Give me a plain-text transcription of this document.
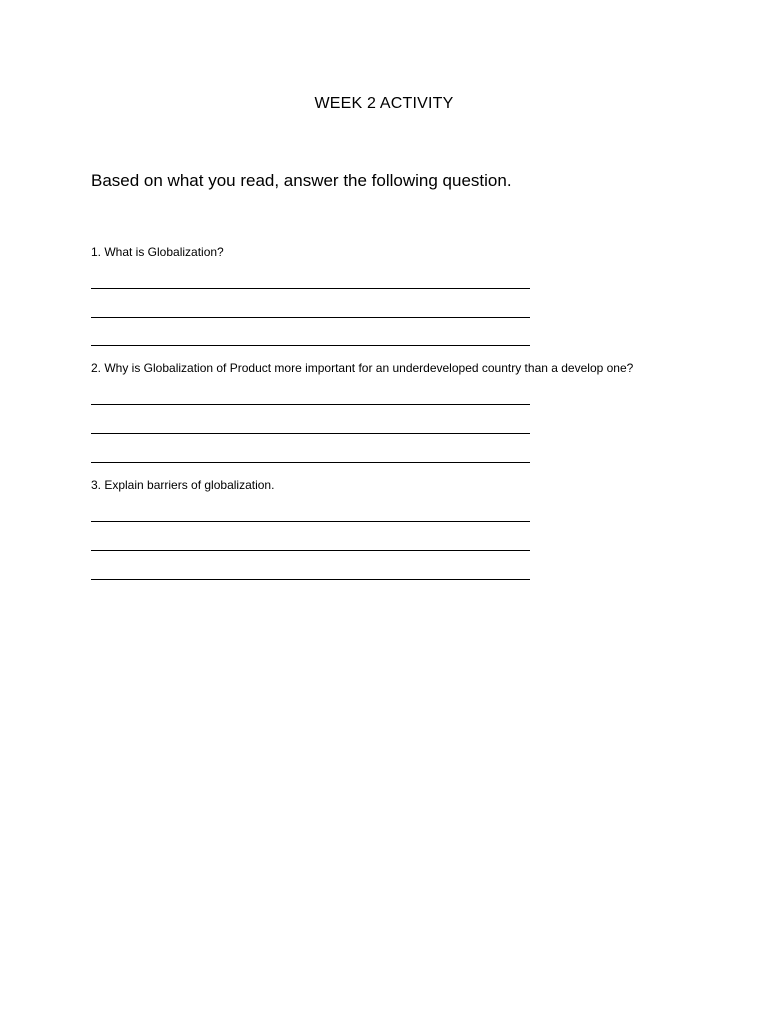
WEEK 2 ACTIVITY
Based on what you read, answer the following question.
1. What is Globalization?
2. Why is Globalization of Product more important for an underdeveloped country than a develop one?
3. Explain barriers of globalization.
